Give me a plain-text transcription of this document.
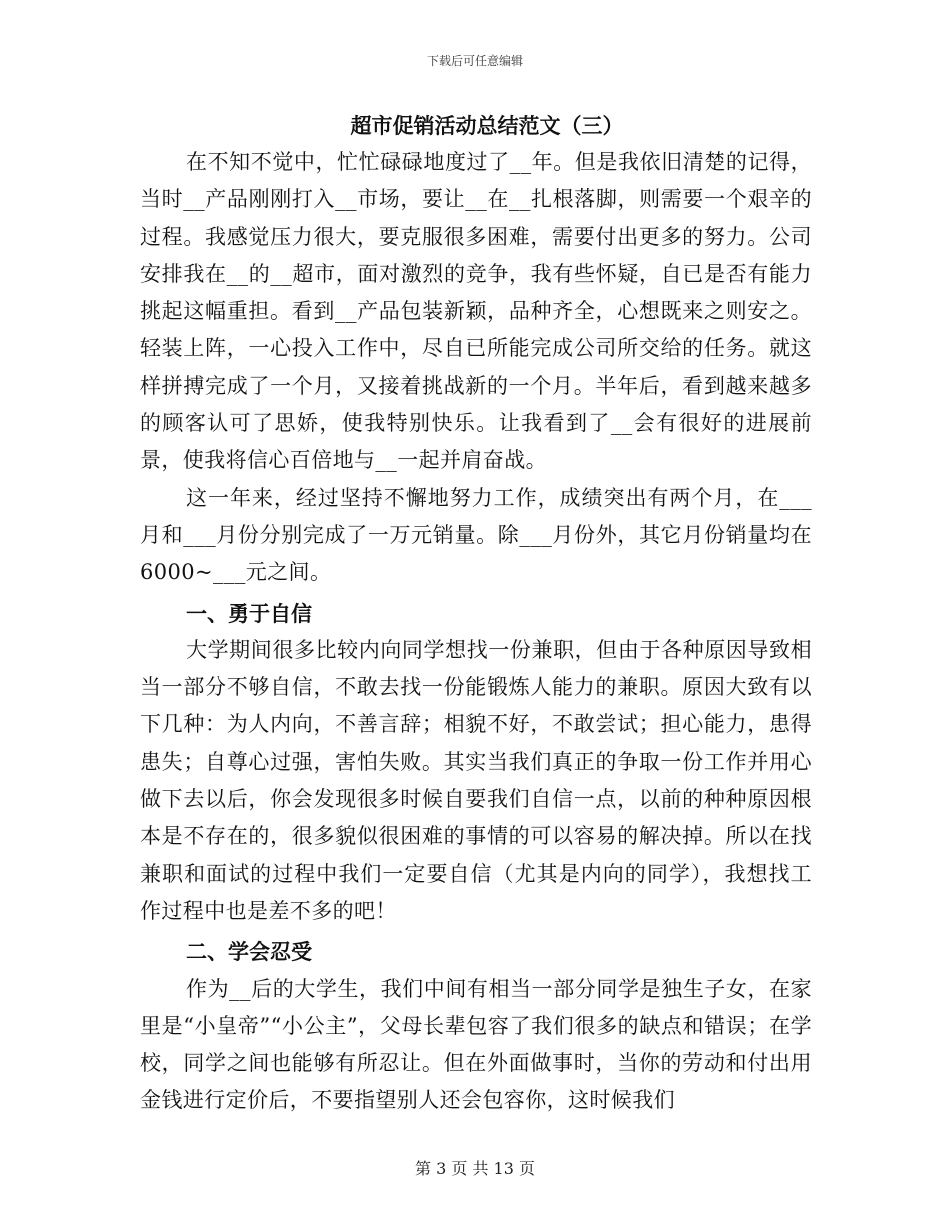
下载后可任意编辑
超市促销活动总结范文（三）

在不知不觉中，忙忙碌碌地度过了__年。但是我依旧清楚的记得，当时__产品刚刚打入__市场，要让__在__扎根落脚，则需要一个艰辛的过程。我感觉压力很大，要克服很多困难，需要付出更多的努力。公司安排我在__的__超市，面对激烈的竞争，我有些怀疑，自已是否有能力挑起这幅重担。看到__产品包装新颖，品种齐全，心想既来之则安之。轻装上阵，一心投入工作中，尽自已所能完成公司所交给的任务。就这样拼搏完成了一个月，又接着挑战新的一个月。半年后，看到越来越多的顾客认可了思娇，使我特别快乐。让我看到了__会有很好的进展前景，使我将信心百倍地与__一起并肩奋战。

这一年来，经过坚持不懈地努力工作，成绩突出有两个月，在___月和___月份分别完成了一万元销量。除___月份外，其它月份销量均在6000~___元之间。

一、勇于自信

大学期间很多比较内向同学想找一份兼职，但由于各种原因导致相当一部分不够自信，不敢去找一份能锻炼人能力的兼职。原因大致有以下几种：为人内向，不善言辞；相貌不好，不敢尝试；担心能力，患得患失；自尊心过强，害怕失败。其实当我们真正的争取一份工作并用心做下去以后，你会发现很多时候自要我们自信一点，以前的种种原因根本是不存在的，很多貌似很困难的事情的可以容易的解决掉。所以在找兼职和面试的过程中我们一定要自信（尤其是内向的同学），我想找工作过程中也是差不多的吧！

二、学会忍受

作为__后的大学生，我们中间有相当一部分同学是独生子女，在家里是“小皇帝”“小公主”，父母长辈包容了我们很多的缺点和错误；在学校，同学之间也能够有所忍让。但在外面做事时，当你的劳动和付出用金钱进行定价后，不要指望别人还会包容你，这时候我们

第 3 页 共 13 页
